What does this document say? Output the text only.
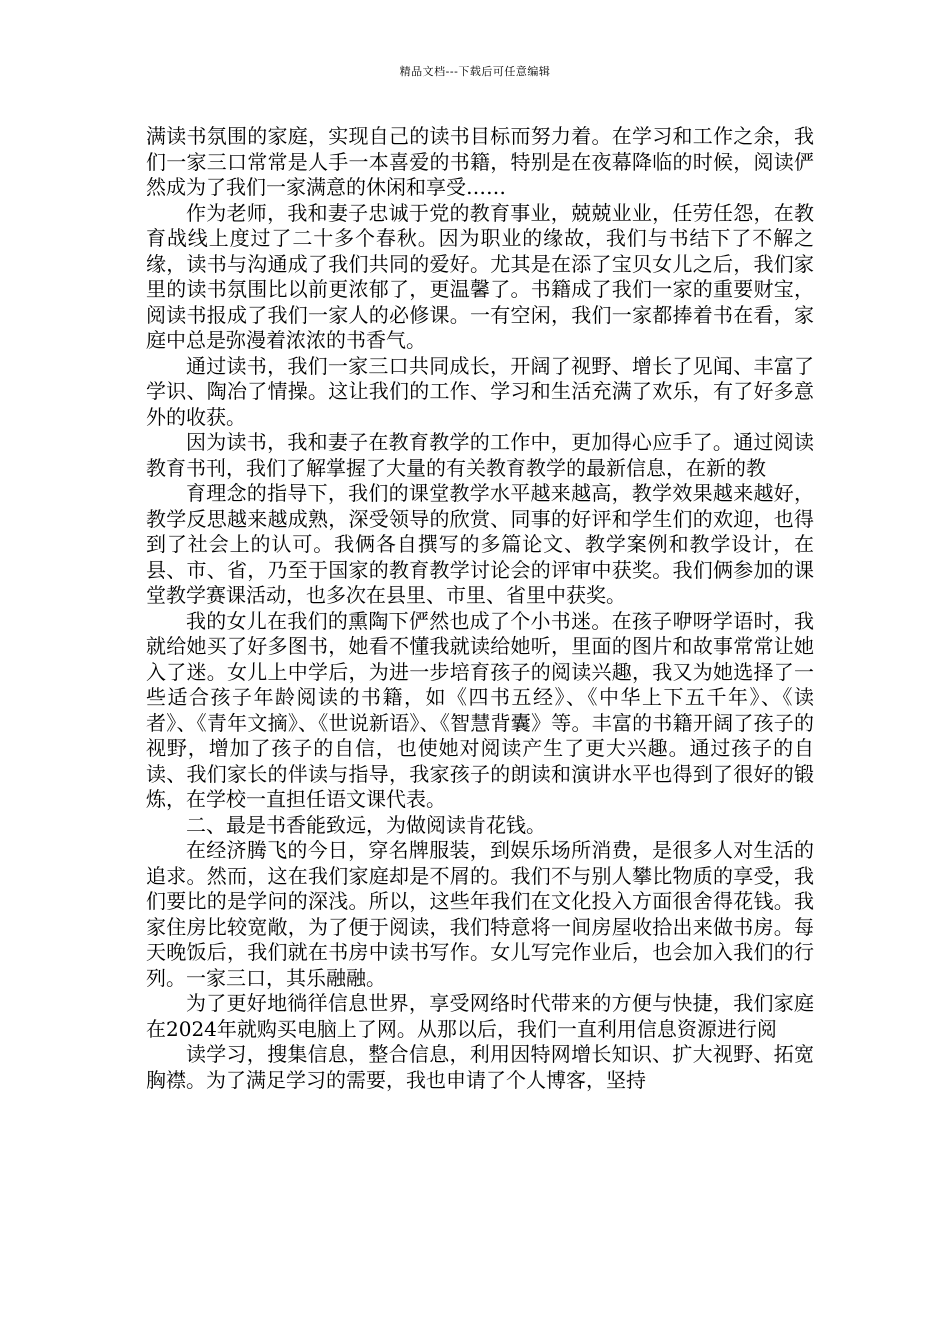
精品文档---下载后可任意编辑

满读书氛围的家庭，实现自己的读书目标而努力着。在学习和工作之余，我们一家三口常常是人手一本喜爱的书籍，特别是在夜幕降临的时候，阅读俨然成为了我们一家满意的休闲和享受……

作为老师，我和妻子忠诚于党的教育事业，兢兢业业，任劳任怨，在教育战线上度过了二十多个春秋。因为职业的缘故，我们与书结下了不解之缘，读书与沟通成了我们共同的爱好。尤其是在添了宝贝女儿之后，我们家里的读书氛围比以前更浓郁了，更温馨了。书籍成了我们一家的重要财宝，阅读书报成了我们一家人的必修课。一有空闲，我们一家都捧着书在看，家庭中总是弥漫着浓浓的书香气。

通过读书，我们一家三口共同成长，开阔了视野、增长了见闻、丰富了学识、陶冶了情操。这让我们的工作、学习和生活充满了欢乐，有了好多意外的收获。

因为读书，我和妻子在教育教学的工作中，更加得心应手了。通过阅读教育书刊，我们了解掌握了大量的有关教育教学的最新信息，在新的教

育理念的指导下，我们的课堂教学水平越来越高，教学效果越来越好，教学反思越来越成熟，深受领导的欣赏、同事的好评和学生们的欢迎，也得到了社会上的认可。我俩各自撰写的多篇论文、教学案例和教学设计，在县、市、省，乃至于国家的教育教学讨论会的评审中获奖。我们俩参加的课堂教学赛课活动，也多次在县里、市里、省里中获奖。

我的女儿在我们的熏陶下俨然也成了个小书迷。在孩子咿呀学语时，我就给她买了好多图书，她看不懂我就读给她听，里面的图片和故事常常让她入了迷。女儿上中学后，为进一步培育孩子的阅读兴趣，我又为她选择了一些适合孩子年龄阅读的书籍，如《四书五经》、《中华上下五千年》、《读者》、《青年文摘》、《世说新语》、《智慧背囊》等。丰富的书籍开阔了孩子的视野，增加了孩子的自信，也使她对阅读产生了更大兴趣。通过孩子的自读、我们家长的伴读与指导，我家孩子的朗读和演讲水平也得到了很好的锻炼，在学校一直担任语文课代表。

二、最是书香能致远，为做阅读肯花钱。

在经济腾飞的今日，穿名牌服装，到娱乐场所消费，是很多人对生活的追求。然而，这在我们家庭却是不屑的。我们不与别人攀比物质的享受，我们要比的是学问的深浅。所以，这些年我们在文化投入方面很舍得花钱。我家住房比较宽敞，为了便于阅读，我们特意将一间房屋收拾出来做书房。每天晚饭后，我们就在书房中读书写作。女儿写完作业后，也会加入我们的行列。一家三口，其乐融融。

为了更好地徜徉信息世界，享受网络时代带来的方便与快捷，我们家庭在2024年就购买电脑上了网。从那以后，我们一直利用信息资源进行阅

读学习，搜集信息，整合信息，利用因特网增长知识、扩大视野、拓宽胸襟。为了满足学习的需要，我也申请了个人博客，坚持
